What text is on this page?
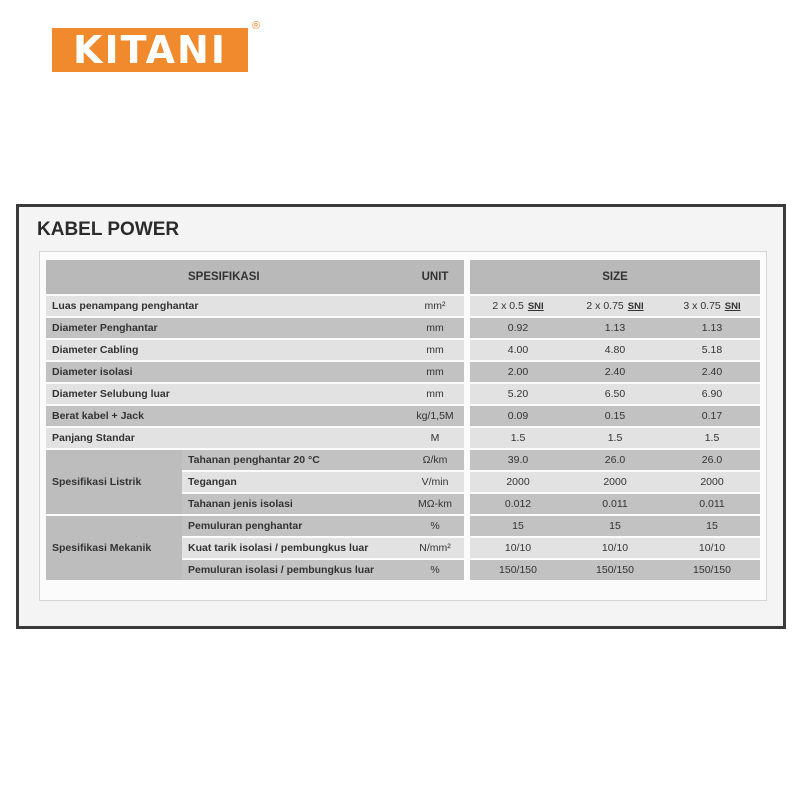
KITANI
®
KABEL POWER
	SPESIFIKASI	UNIT		SIZE		
Luas penampang penghantar		mm²		2 x 0.5 SNI	2 x 0.75 SNI	3 x 0.75 SNI
Diameter Penghantar		mm		0.92	1.13	1.13
Diameter Cabling		mm		4.00	4.80	5.18
Diameter isolasi		mm		2.00	2.40	2.40
Diameter Selubung luar		mm		5.20	6.50	6.90
Berat kabel + Jack		kg/1,5M		0.09	0.15	0.17
Panjang Standar		M		1.5	1.5	1.5
Spesifikasi Listrik	Tahanan penghantar 20 °C	Ω/km		39.0	26.0	26.0
	Tegangan	V/min		2000	2000	2000
	Tahanan jenis isolasi	MΩ-km		0.012	0.011	0.011
Spesifikasi Mekanik	Pemuluran penghantar	%		15	15	15
	Kuat tarik isolasi / pembungkus luar	N/mm²		10/10	10/10	10/10
	Pemuluran isolasi / pembungkus luar	%		150/150	150/150	150/150
